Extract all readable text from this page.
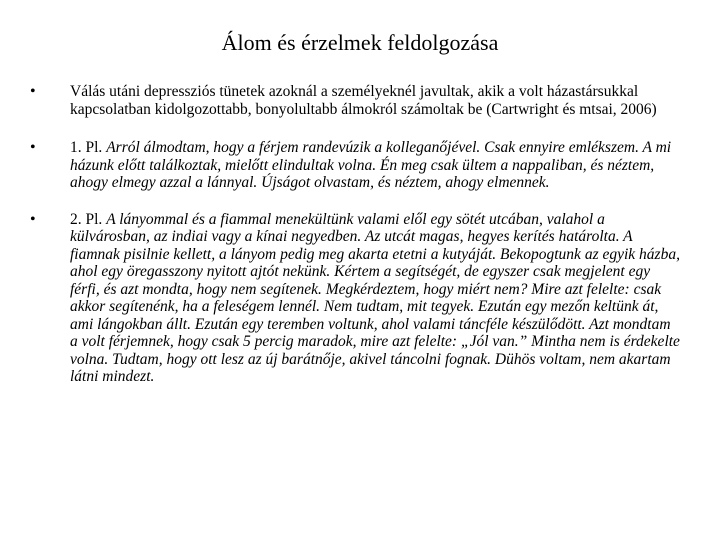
Álom és érzelmek feldolgozása
•	Válás utáni depressziós tünetek azoknál a személyeknél javultak, akik a volt házastársukkal kapcsolatban kidolgozottabb, bonyolultabb álmokról számoltak be (Cartwright és mtsai, 2006)
•	1. Pl. Arról álmodtam, hogy a férjem randevúzik a kolleganőjével. Csak ennyire emlékszem. A mi házunk előtt találkoztak, mielőtt elindultak volna. Én meg csak ültem a nappaliban, és néztem, ahogy elmegy azzal a lánnyal. Újságot olvastam, és néztem, ahogy elmennek.
•	2. Pl. A lányommal és a fiammal menekültünk valami elől egy sötét utcában, valahol a külvárosban, az indiai vagy a kínai negyedben. Az utcát magas, hegyes kerítés határolta. A fiamnak pisilnie kellett, a lányom pedig meg akarta etetni a kutyáját. Bekopogtunk az egyik házba, ahol egy öregasszony nyitott ajtót nekünk. Kértem a segítségét, de egyszer csak megjelent egy férfi, és azt mondta, hogy nem segítenek. Megkérdeztem, hogy miért nem? Mire azt felelte: csak akkor segítenénk, ha a feleségem lennél. Nem tudtam, mit tegyek. Ezután egy mezőn keltünk át, ami lángokban állt. Ezután egy teremben voltunk, ahol valami táncféle készülődött. Azt mondtam a volt férjemnek, hogy csak 5 percig maradok, mire azt felelte: „Jól van.” Mintha nem is érdekelte volna. Tudtam, hogy ott lesz az új barátnője, akivel táncolni fognak. Dühös voltam, nem akartam látni mindezt.
